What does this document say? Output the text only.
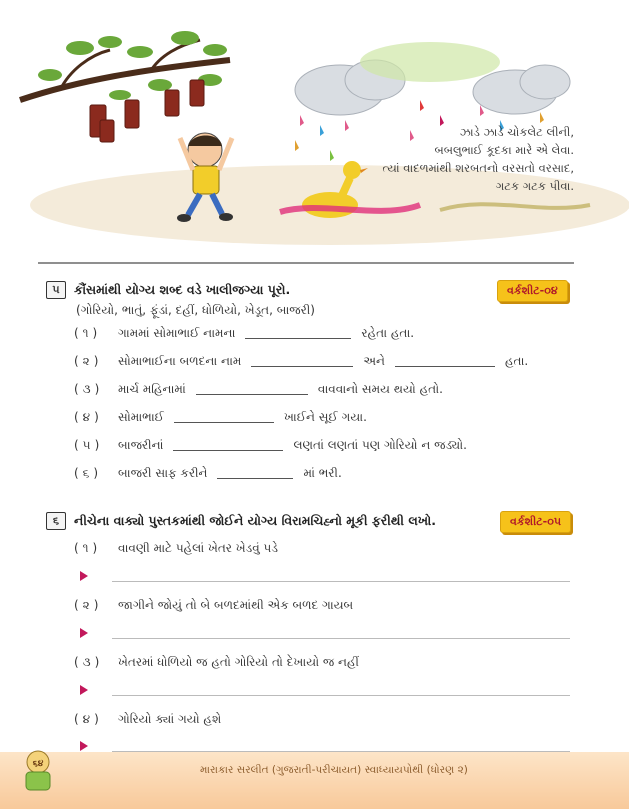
ઝાડે ઝાડે ચોકલેટ લીની,
બબલુભાઈ કૂદકા મારે એ લેવા.
ત્યાં વાદળમાંથી શરબતનો વરસતો વરસાદ,
ગટક ગટક પીવા.
૫	કૌંસમાંથી યોગ્ય શબ્દ વડે ખાલીજગ્યા પૂરો.	વર્કશીટ-૦૪
(ગોરિયો, ભાતું, ફૂંડાં, દહીં, ધોળિયો, ખેડૂત, બાજરી)
(૧)	ગામમાં સોમાભાઈ નામના	રહેતા હતા.
(૨)	સોમાભાઈના બળદના નામ	અને	હતા.
(૩)	માર્ચ મહિનામાં	વાવવાનો સમય થયો હતો.
(૪)	સોમાભાઈ	ખાઈને સૂઈ ગયા.
(૫)	બાજરીનાં	લણતાં લણતાં પણ ગોરિયો ન જડ્યો.
(૬)	બાજરી સાફ કરીને	માં ભરી.
૬	નીચેના વાક્યો પુસ્તકમાંથી જોઈને યોગ્ય વિરામચિહ્નો મૂકી ફરીથી લખો.	વર્કશીટ-૦૫
(૧)	વાવણી માટે પહેલાં ખેતર ખેડવું પડે
(૨)	જાગીને જોયું તો બે બળદમાંથી એક બળદ ગાયબ
(૩)	ખેતરમાં ધોળિયો જ હતો ગોરિયો તો દેખાયો જ નહીં
(૪)	ગોરિયો ક્યાં ગયો હશે
૬૪	મારાકાર સરલીત (ગુજરાતી-પરીચાયત) સ્વાધ્યાયપોથી (ધોરણ ૨)
